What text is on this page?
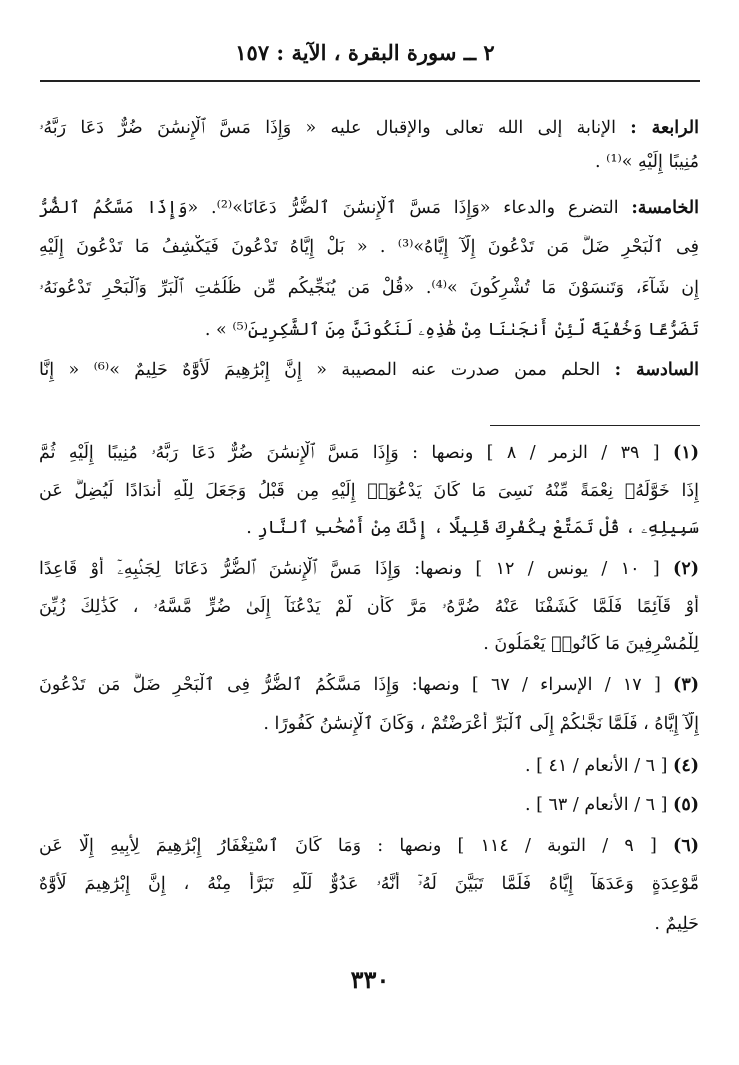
٢ ــ سورة البقرة ، الآية : ١٥٧
الرابعة : الإنابة إلى الله تعالى والإقبال عليه « وَإِذَا مَسَّ ٱلْإِنسَٰنَ ضُرٌّ دَعَا رَبَّهُۥ
مُنِيبًا إِلَيْهِ »⁽¹⁾ .
الخامسة: التضرع والدعاء «وَإِذَا مَسَّ ٱلْإِنسَٰنَ ٱلضُّرُّ دَعَانَا»⁽²⁾. «وَإِذَا مَسَّكُمُ ٱلضُّرُّ
فِى ٱلْبَحْرِ ضَلَّ مَن تَدْعُونَ إِلَّآ إِيَّاهُ»⁽³⁾ . « بَلْ إِيَّاهُ تَدْعُونَ فَيَكْشِفُ مَا تَدْعُونَ إِلَيْهِ
إِن شَآءَ، وَتَنسَوْنَ مَا تُشْرِكُونَ »⁽⁴⁾. «قُلْ مَن يُنَجِّيكُم مِّن ظُلُمَٰتِ ٱلْبَرِّ وَٱلْبَحْرِ تَدْعُونَهُۥ
تَضَرُّعًا وَخُفْيَةً لَّئِنْ أَنجَىٰنَا مِنْ هَٰذِهِۦ لَنَكُونَنَّ مِنَ ٱلشَّٰكِرِينَ⁽⁵⁾ » .
السادسة : الحلم ممن صدرت عنه المصيبة « إِنَّ إِبْرَٰهِيمَ لَأَوَّٰهٌ حَلِيمٌ »⁽⁶⁾ « إِنَّا
(١) [ ٣٩ / الزمر / ٨ ] ونصها : وَإِذَا مَسَّ ٱلْإِنسَٰنَ ضُرٌّ دَعَا رَبَّهُۥ مُنِيبًا إِلَيْهِ ثُمَّ
إِذَا خَوَّلَهُۥ نِعْمَةً مِّنْهُ نَسِىَ مَا كَانَ يَدْعُوٓا۟ إِلَيْهِ مِن قَبْلُ وَجَعَلَ لِلَّهِ أَندَادًا لِّيُضِلَّ عَن
سَبِيلِهِۦ ، قُلْ تَمَتَّعْ بِكُفْرِكَ قَلِيلًا ، إِنَّكَ مِنْ أَصْحَٰبِ ٱلنَّارِ .
(٢) [ ١٠ / يونس / ١٢ ] ونصها: وَإِذَا مَسَّ ٱلْإِنسَٰنَ ٱلضُّرُّ دَعَانَا لِجَنۢبِهِۦٓ أَوْ قَاعِدًا
أَوْ قَآئِمًا فَلَمَّا كَشَفْنَا عَنْهُ ضُرَّهُۥ مَرَّ كَأَن لَّمْ يَدْعُنَآ إِلَىٰ ضُرٍّ مَّسَّهُۥ ، كَذَٰلِكَ زُيِّنَ
لِلْمُسْرِفِينَ مَا كَانُوا۟ يَعْمَلُونَ .
(٣) [ ١٧ / الإسراء / ٦٧ ] ونصها: وَإِذَا مَسَّكُمُ ٱلضُّرُّ فِى ٱلْبَحْرِ ضَلَّ مَن تَدْعُونَ
إِلَّآ إِيَّاهُ ، فَلَمَّا نَجَّىٰكُمْ إِلَى ٱلْبَرِّ أَعْرَضْتُمْ ، وَكَانَ ٱلْإِنسَٰنُ كَفُورًا .
(٤) [ ٦ / الأنعام / ٤١ ] .
(٥) [ ٦ / الأنعام / ٦٣ ] .
(٦) [ ٩ / التوبة / ١١٤ ] ونصها : وَمَا كَانَ ٱسْتِغْفَارُ إِبْرَٰهِيمَ لِأَبِيهِ إِلَّا عَن
مَّوْعِدَةٍ وَعَدَهَآ إِيَّاهُ فَلَمَّا تَبَيَّنَ لَهُۥٓ أَنَّهُۥ عَدُوٌّ لِّلَّهِ تَبَرَّأَ مِنْهُ ، إِنَّ إِبْرَٰهِيمَ لَأَوَّٰهٌ
حَلِيمٌ .
٣٣٠
